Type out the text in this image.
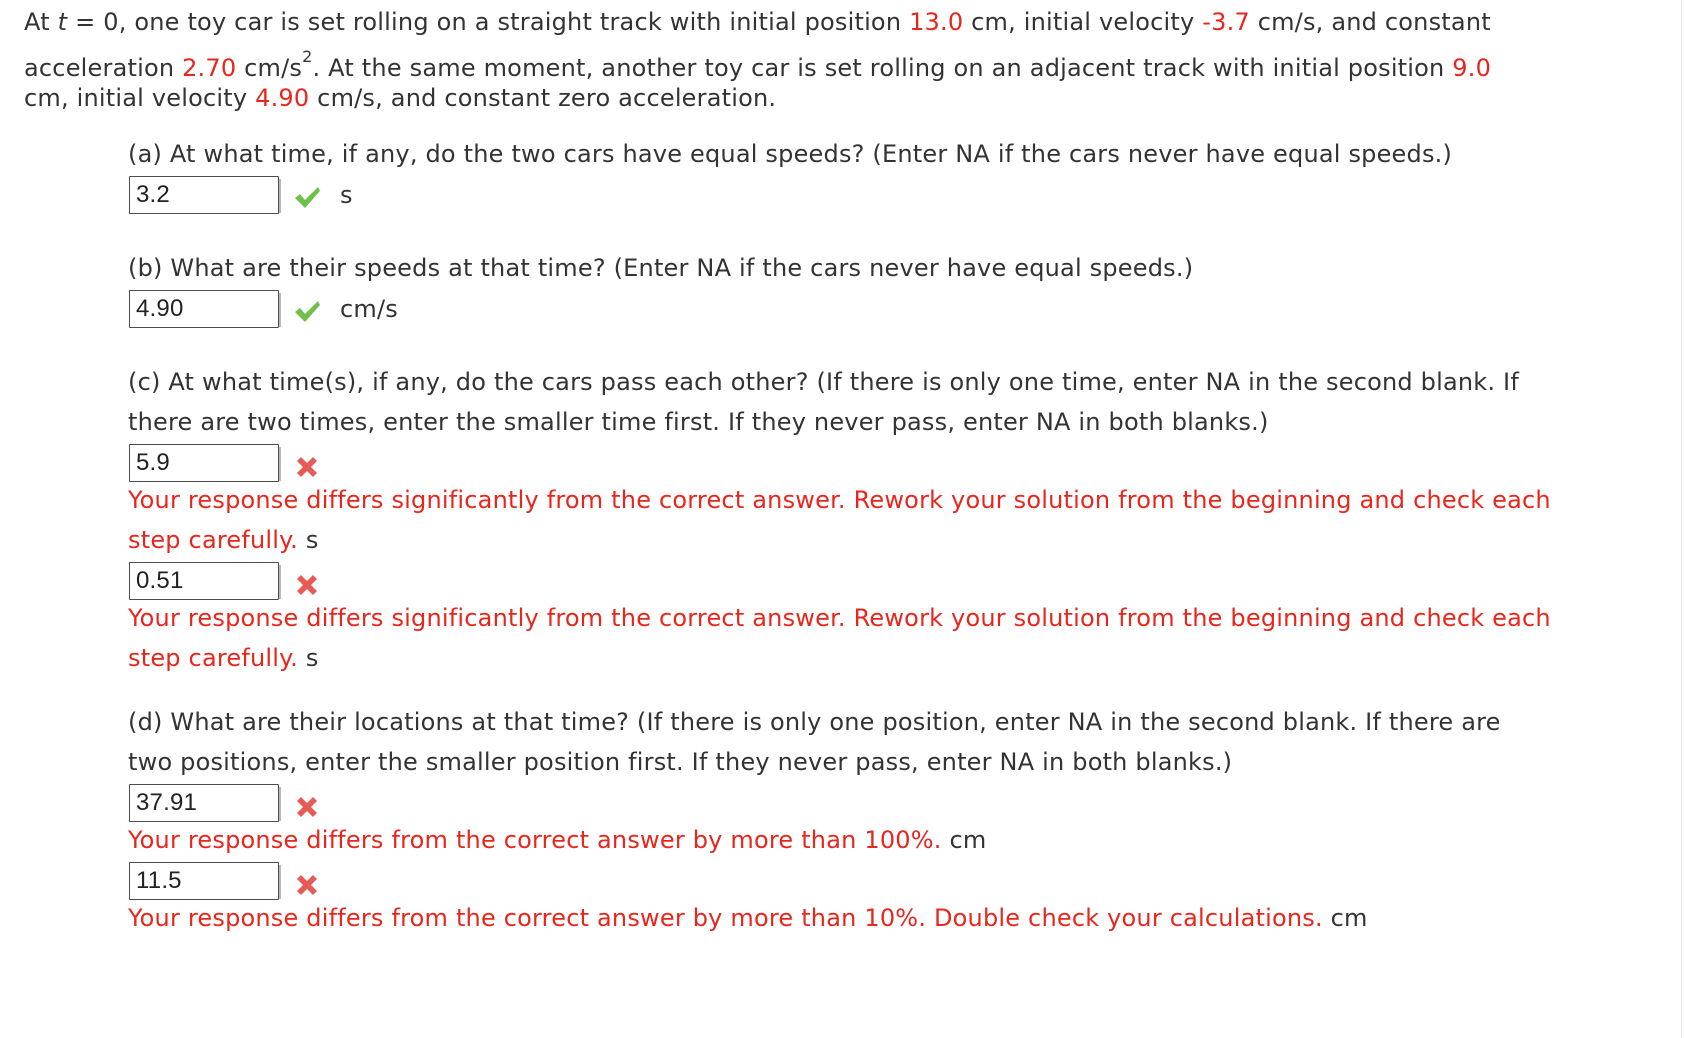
At t = 0, one toy car is set rolling on a straight track with initial position 13.0 cm, initial velocity -3.7 cm/s, and constant
acceleration 2.70 $cm/s^2$. At the same moment, another toy car is set rolling on an adjacent track with initial position 9.0
cm, initial velocity 4.90 cm/s, and constant zero acceleration.
(a) At what time, if any, do the two cars have equal speeds? (Enter NA if the cars never have equal speeds.)
3.2	s
(b) What are their speeds at that time? (Enter NA if the cars never have equal speeds.)
4.90	cm/s
(c) At what time(s), if any, do the cars pass each other? (If there is only one time, enter NA in the second blank. If
there are two times, enter the smaller time first. If they never pass, enter NA in both blanks.)
5.9
Your response differs significantly from the correct answer. Rework your solution from the beginning and check each
step carefully. s
0.51
Your response differs significantly from the correct answer. Rework your solution from the beginning and check each
step carefully. s
(d) What are their locations at that time? (If there is only one position, enter NA in the second blank. If there are
two positions, enter the smaller position first. If they never pass, enter NA in both blanks.)
37.91
Your response differs from the correct answer by more than 100%. cm
11.5
Your response differs from the correct answer by more than 10%. Double check your calculations. cm
